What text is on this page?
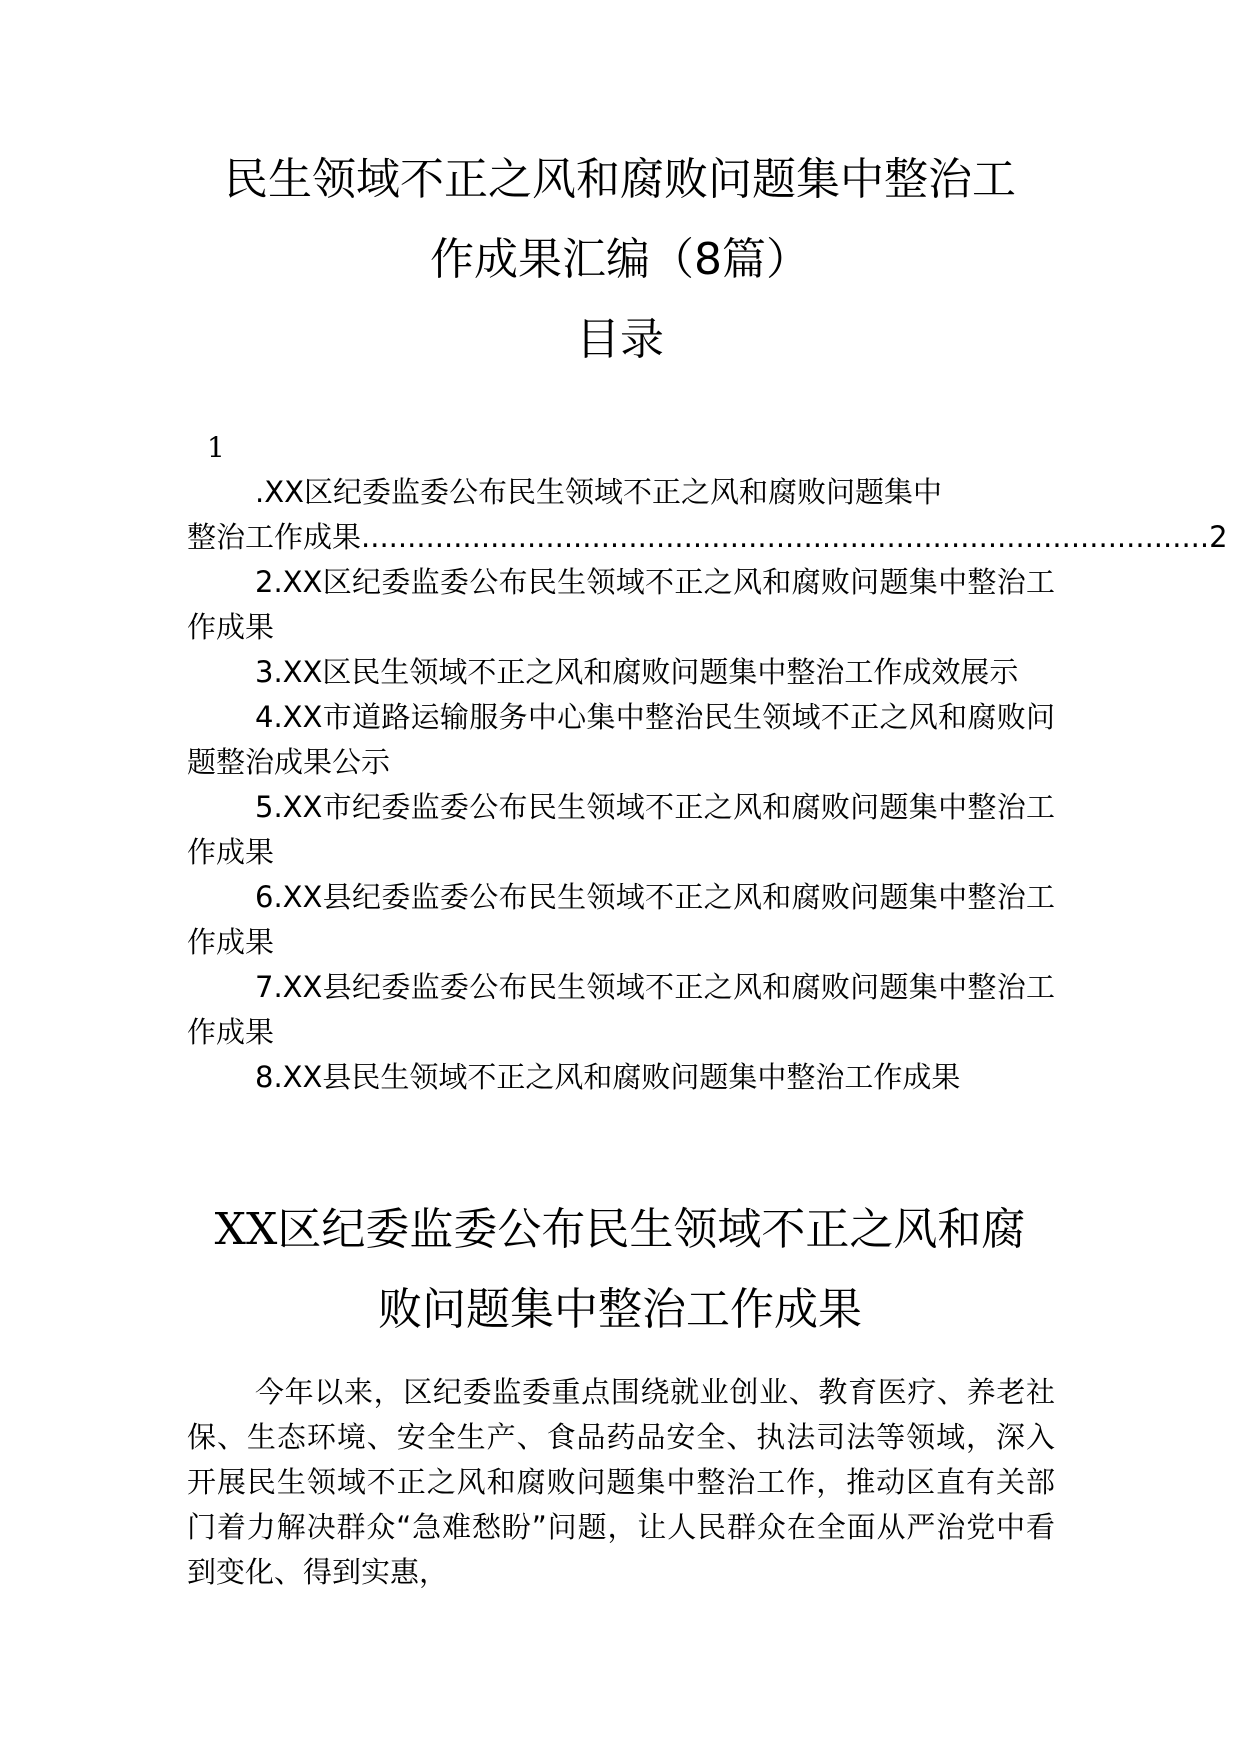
民生领域不正之风和腐败问题集中整治工
作成果汇编（8篇）
目录
1
.XX区纪委监委公布民生领域不正之风和腐败问题集中
整治工作成果 ............................................................................................ 2
2.XX区纪委监委公布民生领域不正之风和腐败问题集中整治工作成果
3.XX区民生领域不正之风和腐败问题集中整治工作成效展示
4.XX市道路运输服务中心集中整治民生领域不正之风和腐败问题整治成果公示
5.XX市纪委监委公布民生领域不正之风和腐败问题集中整治工作成果
6.XX县纪委监委公布民生领域不正之风和腐败问题集中整治工作成果
7.XX县纪委监委公布民生领域不正之风和腐败问题集中整治工作成果
8.XX县民生领域不正之风和腐败问题集中整治工作成果
XX区纪委监委公布民生领域不正之风和腐
败问题集中整治工作成果

今年以来，区纪委监委重点围绕就业创业、教育医疗、养老社保、生态环境、安全生产、食品药品安全、执法司法等领域，深入开展民生领域不正之风和腐败问题集中整治工作，推动区直有关部门着力解决群众“急难愁盼”问题，让人民群众在全面从严治党中看到变化、得到实惠，
